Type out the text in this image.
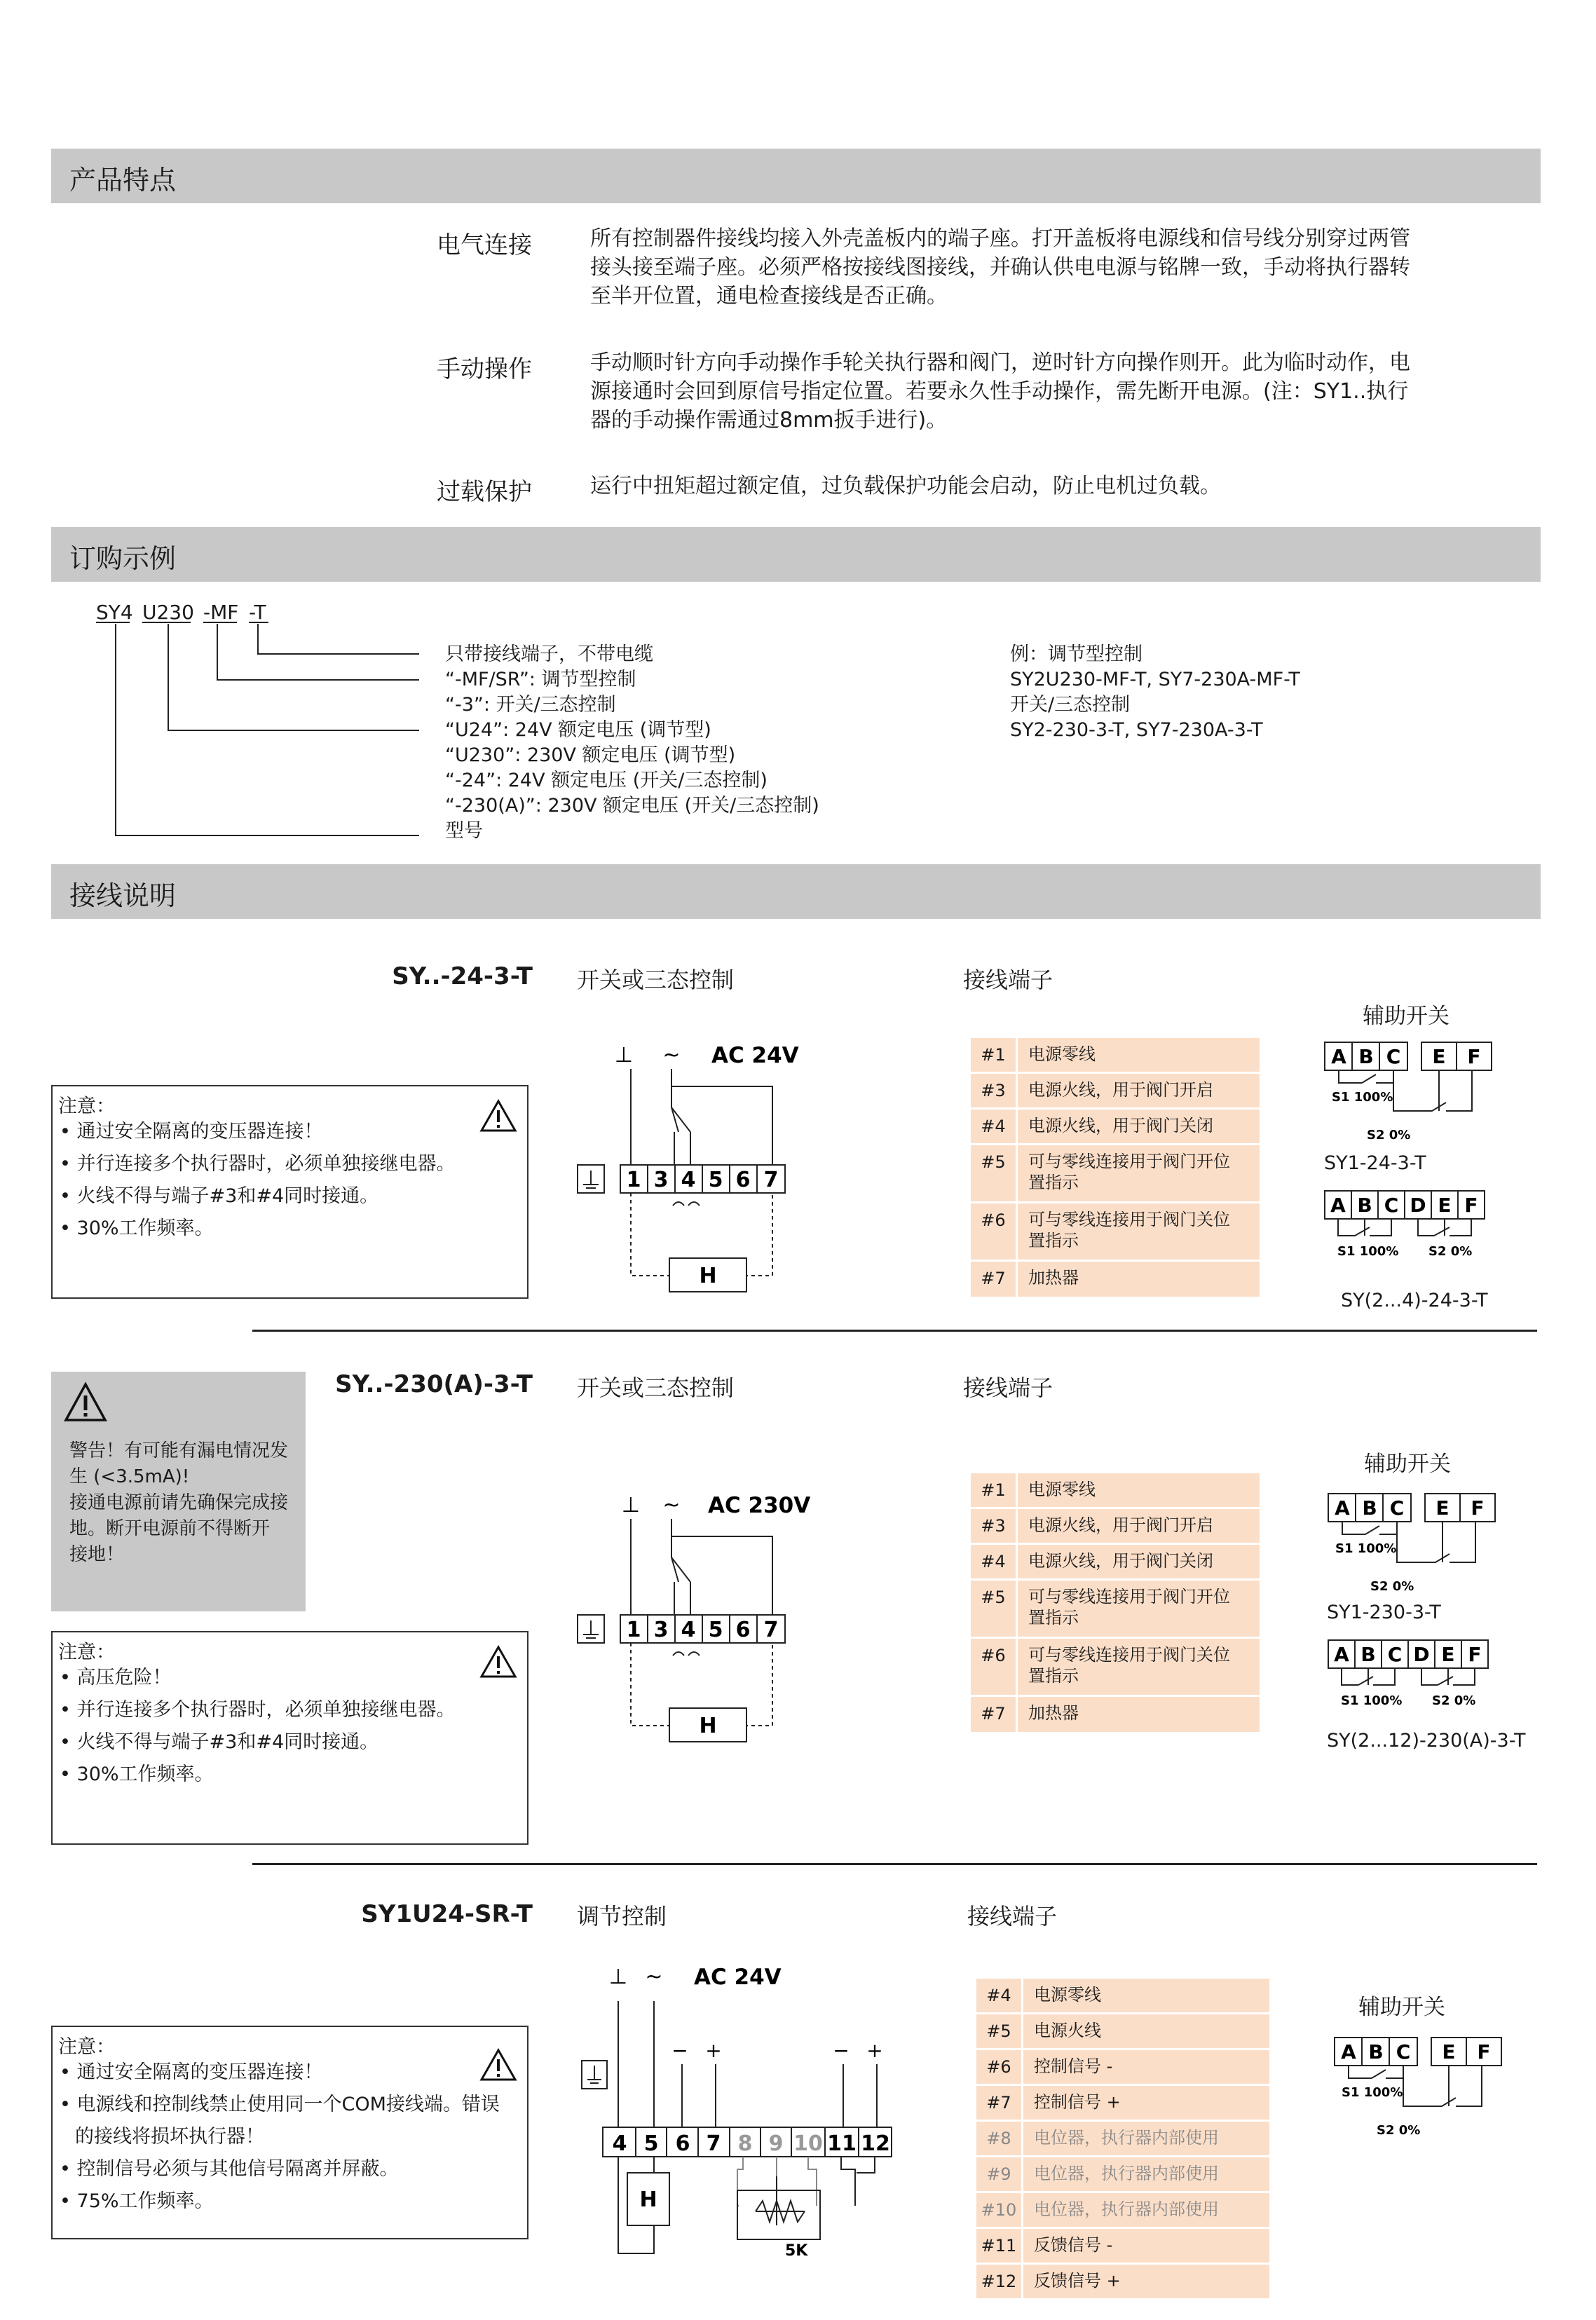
产品特点
电气连接	所有控制器件接线均接入外壳盖板内的端子座。打开盖板将电源线和信号线分别穿过两管
接头接至端子座。必须严格按接线图接线，并确认供电电源与铭牌一致，手动将执行器转
至半开位置，通电检查接线是否正确。
手动操作	手动顺时针方向手动操作手轮关执行器和阀门，逆时针方向操作则开。此为临时动作，电
源接通时会回到原信号指定位置。若要永久性手动操作，需先断开电源。(注：SY1..执行
器的手动操作需通过8mm扳手进行)。
过载保护	运行中扭矩超过额定值，过负载保护功能会启动，防止电机过负载。
订购示例
SY4 U230 -MF -T
只带接线端子，不带电缆
“-MF/SR”: 调节型控制
“-3”: 开关/三态控制
“U24”: 24V 额定电压 (调节型)
“U230”: 230V 额定电压 (调节型)
“-24”: 24V 额定电压 (开关/三态控制)
“-230(A)”: 230V 额定电压 (开关/三态控制)
型号
例：调节型控制
SY2U230-MF-T, SY7-230A-MF-T
开关/三态控制
SY2-230-3-T, SY7-230A-3-T
接线说明
SY..-24-3-T 开关或三态控制	接线端子
注意：
• 通过安全隔离的变压器连接！
• 并行连接多个执行器时，必须单独接继电器。
• 火线不得与端子#3和#4同时接通。
• 30%工作频率。
⊥ ~ AC 24V
1 3 4 5 6 7
H
#1	电源零线
#3	电源火线，用于阀门开启
#4	电源火线，用于阀门关闭
#5	可与零线连接用于阀门开位置指示
#6	可与零线连接用于阀门关位置指示
#7	加热器
辅助开关
A B C E F
S1 100%
S2 0%
SY1-24-3-T
A B C D E F
S1 100% S2 0%
SY(2...4)-24-3-T
警告！有可能有漏电情况发
生 (<3.5mA)!
接通电源前请先确保完成接
地。断开电源前不得断开
接地！
SY..-230(A)-3-T 开关或三态控制	接线端子
注意：
• 高压危险！
• 并行连接多个执行器时，必须单独接继电器。
• 火线不得与端子#3和#4同时接通。
• 30%工作频率。
⊥ ~ AC 230V
1 3 4 5 6 7
H
#1	电源零线
#3	电源火线，用于阀门开启
#4	电源火线，用于阀门关闭
#5	可与零线连接用于阀门开位置指示
#6	可与零线连接用于阀门关位置指示
#7	加热器
辅助开关
A B C E F
S1 100%
S2 0%
SY1-230-3-T
A B C D E F
S1 100% S2 0%
SY(2...12)-230(A)-3-T
SY1U24-SR-T 调节控制	接线端子
注意：
• 通过安全隔离的变压器连接！
• 电源线和控制线禁止使用同一个COM接线端。错误的接线将损坏执行器！
• 控制信号必须与其他信号隔离并屏蔽。
• 75%工作频率。
⊥ ~ AC 24V
− +	− +
4 5 6 7 8 9 10 11 12
H
5K
#4	电源零线
#5	电源火线
#6	控制信号 -
#7	控制信号 +
#8	电位器，执行器内部使用
#9	电位器，执行器内部使用
#10 电位器，执行器内部使用
#11 反馈信号 -
#12 反馈信号 +
辅助开关
A B C E F
S1 100%
S2 0%
